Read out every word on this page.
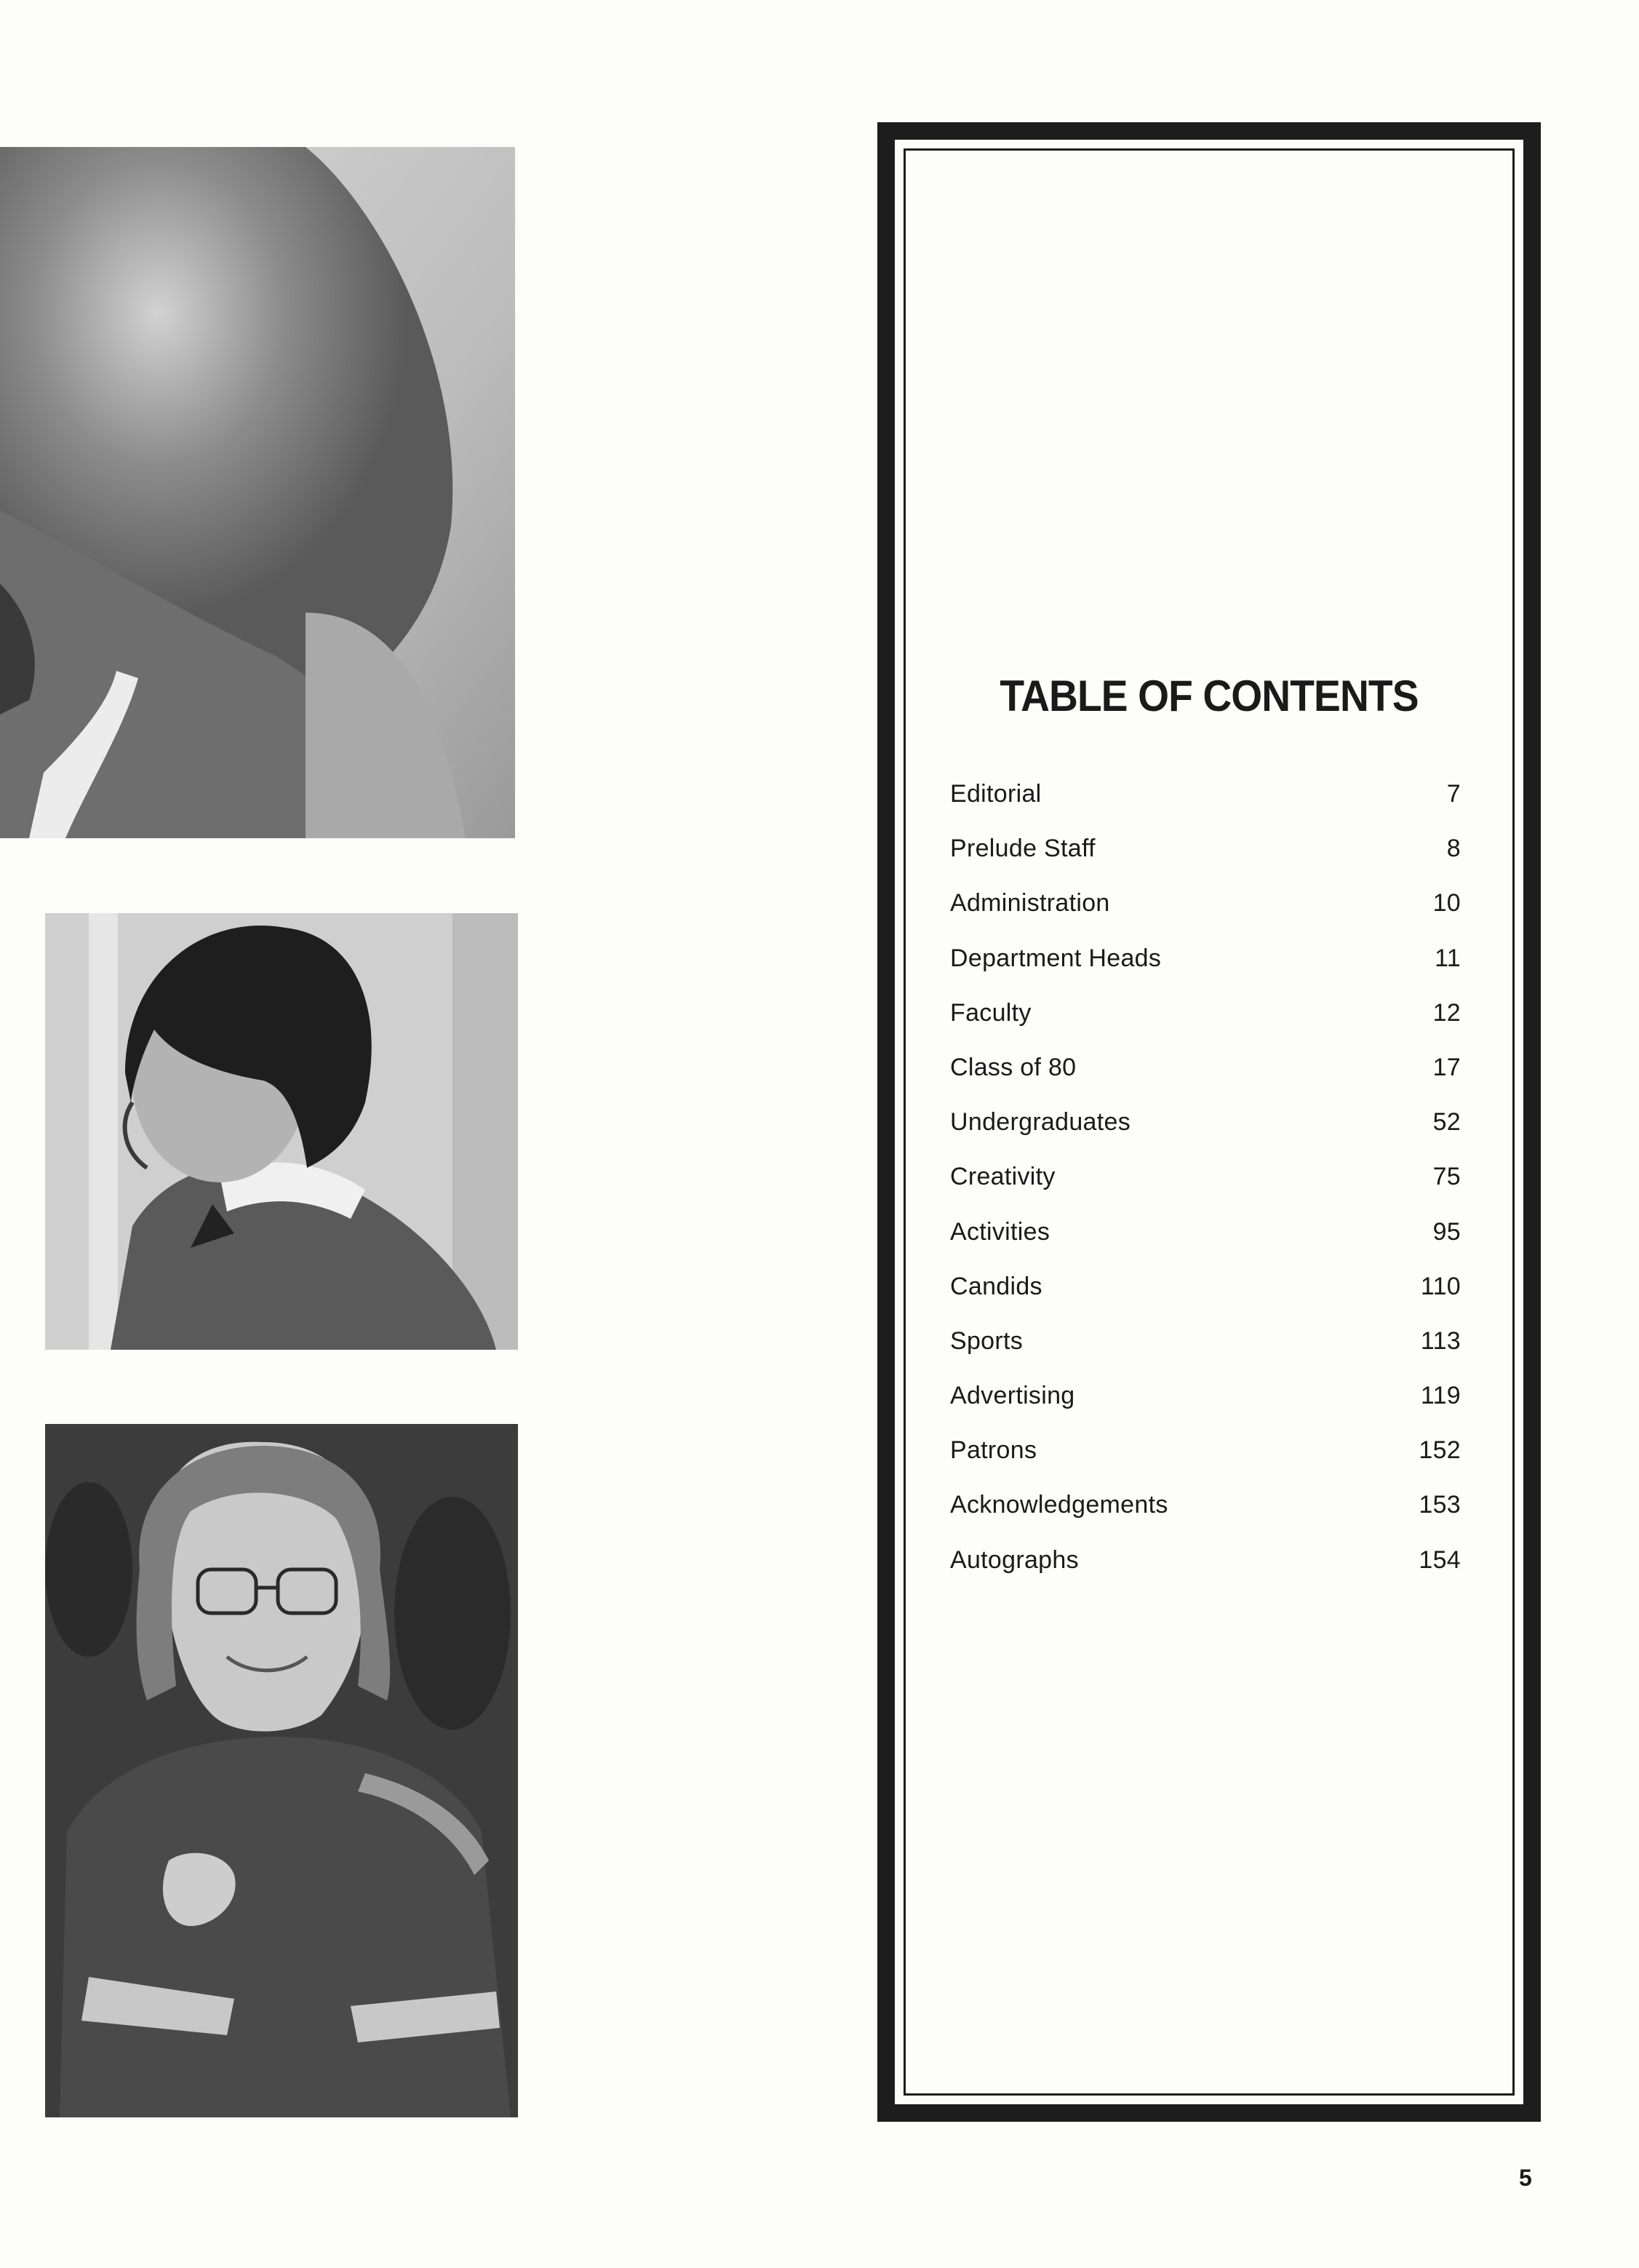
TABLE OF CONTENTS
Editorial	7
Prelude Staff	8
Administration	10
Department Heads	11
Faculty	12
Class of 80	17
Undergraduates	52
Creativity	75
Activities	95
Candids	110
Sports	113
Advertising	119
Patrons	152
Acknowledgements	153
Autographs	154
5
